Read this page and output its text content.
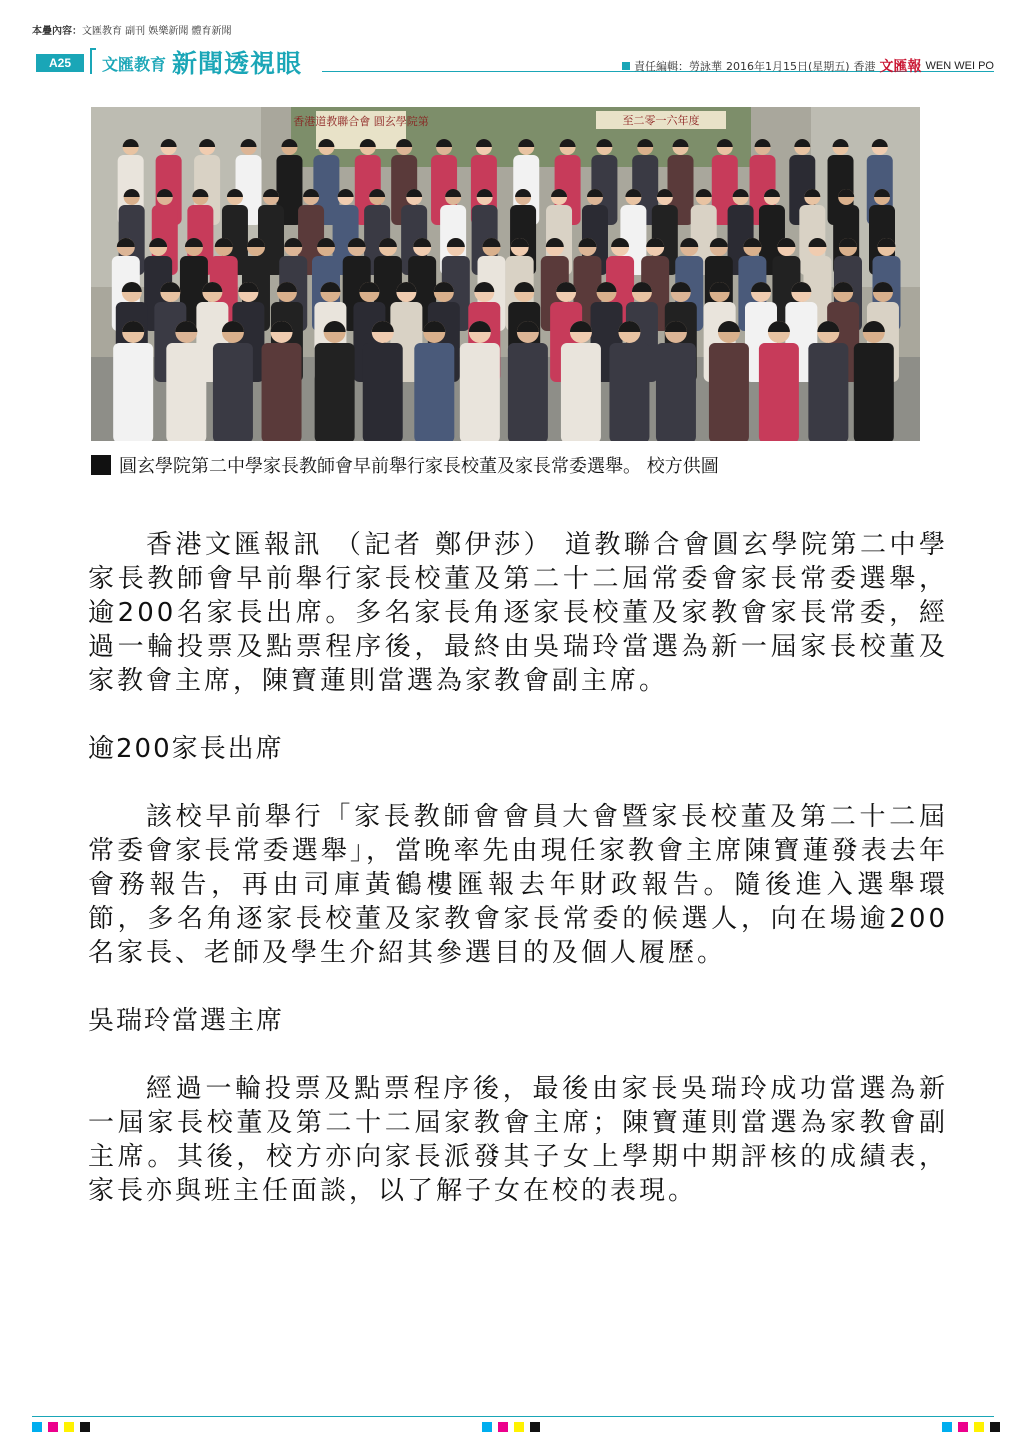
本疊內容：文匯教育 副刊 娛樂新聞 體育新聞
A25	文匯教育 新聞透視眼	責任編輯：勞詠華 2016年1月15日(星期五) 香港 文匯報 WEN WEI PO
香港道教聯合會 圓玄學院第	至二零一六年度
圓玄學院第二中學家長教師會早前舉行家長校董及家長常委選舉。 校方供圖

香港文匯報訊 （記者 鄭伊莎） 道教聯合會圓玄學院第二中學家長教師會早前舉行家長校董及第二十二屆常委會家長常委選舉，逾200名家長出席。多名家長角逐家長校董及家教會家長常委，經過一輪投票及點票程序後，最終由吳瑞玲當選為新一屆家長校董及家教會主席，陳寶蓮則當選為家教會副主席。

逾200家長出席

該校早前舉行「家長教師會會員大會暨家長校董及第二十二屆常委會家長常委選舉」，當晚率先由現任家教會主席陳寶蓮發表去年會務報告，再由司庫黃鶴樓匯報去年財政報告。隨後進入選舉環節，多名角逐家長校董及家教會家長常委的候選人，向在場逾200名家長、老師及學生介紹其參選目的及個人履歷。

吳瑞玲當選主席

經過一輪投票及點票程序後，最後由家長吳瑞玲成功當選為新一屆家長校董及第二十二屆家教會主席；陳寶蓮則當選為家教會副主席。其後，校方亦向家長派發其子女上學期中期評核的成績表，家長亦與班主任面談，以了解子女在校的表現。
